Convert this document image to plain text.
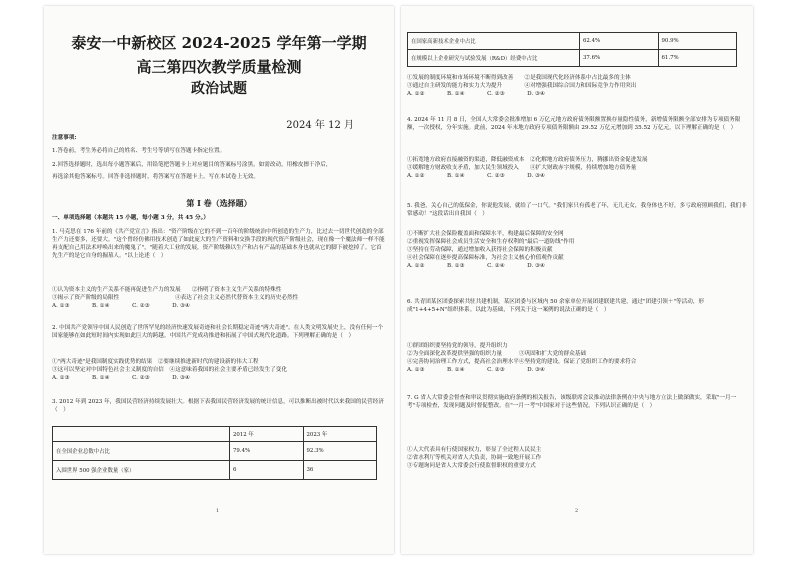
泰安一中新校区 2024-2025 学年第一学期
高三第四次教学质量检测
政治试题
2024 年 12 月
注意事项:
1.答卷前，考生务必将自己的姓名、考生号等填写在答题卡指定位置。
2.回答选择题时，选出每小题答案后，用铅笔把答题卡上对应题目的答案标号涂黑。如需改动，用橡皮擦干净后，
再选涂其他答案标号。回答非选择题时，将答案写在答题卡上。写在本试卷上无效。
第 I 卷（选择题）
一、单项选择题（本题共 15 小题，每小题 3 分，共 45 分。）
1. 马克思在 176 年前的《共产党宣言》指出："资产阶级在它的不到一百年的阶级统治中所创造的生产力，比过去一切世代创造的全部生产力还要多，还要大。"这个曾经仿佛用技术创造了如此庞大的生产资料和交换手段的现代资产阶级社会，现在像一个魔法师一样不能再支配自己用法术呼唤出来的魔鬼了"，"随着大工业的发展，资产阶级赖以生产和占有产品的基础本身也就从它的脚下被挖掉了。它首先生产的是它自身的掘墓人。"以上论述（　）
①认为资本主义的生产关系不能再促进生产力的发展　　②指明了资本主义生产关系的特殊性
③揭示了资产阶级的局限性　　　　　　　　　　④表达了社会主义必然代替资本主义的历史必然性
A. ①③　　　　B. ①④　　　　C. ②③　　　　D. ③④
2. 中国共产党领导中国人民创造了世所罕见的经济快速发展奇迹和社会长期稳定奇迹"两大奇迹"。在人类文明发展史上，没有任何一个国家能够在如此短时间内实现如此巨大的跨越。中国共产党成功推进和拓展了中国式现代化道路。下列理解正确的是（　）
①"两大奇迹"是我国制度实践优势的结果　②要继续推进新时代的建设新的伟大工程
③这可以坚定对中国特色社会主义制度的自信　④这意味着我国的社会主要矛盾已经发生了变化
A. ①③　　　　B. ①④　　　　C. ②③　　　　D. ③④
3. 2012 年到 2023 年，我国民营经济持续发展壮大。根据下表我国民营经济发展的统计信息，可以推断出被时代以来我国的民营经济（　）
	2012 年	2023 年
在全国企业总数中占比	79.4%	92.3%
入围世界 500 强企业数量（家）	6	36
1
在国家高新技术企业中占比	62.4%	90.9%
在规模以上企业研究与试验发展（R&D）经费中占比	37.6%	61.7%
①发展的制度环境和市场环境不断得到改善　　②是我国现代化经济体系中占比最多的主体
③通过自主研发的能力和实力大为提升　　　　④对增强我国综合国力和国际竞争力作用突出
A. ①②　　　　B. ①④　　　　C. ②③　　　　D. ③④
4. 2024 年 11 月 8 日，全国人大常委会批准增加 6 万亿元地方政府债务限额置换存量隐性债务，新增债务限额全部安排为专项债务限额，一次授权，分年实施。此前，2024 年末地方政府专项债务限额由 29.52 万亿元增加到 35.52 万亿元，以下理解正确的是（　）
①拓宽地方政府直接融资的渠道，降低融资成本　②化解地方政府债务压力，腾挪出资金促进发展
③缓解地方财政收支矛盾，加大民生领域投入　　④扩大财政赤字规模，持续增加地方债务量
A. ①②　　　　B. ①④　　　　C. ②③　　　　D. ③④
5. 我爸，关心自己的低保金，你说他发展，就给了一口气。"我们家只有孤老了年，无儿无女，我身体也不好，多亏政府照顾我们，我们非常感动！"这段话出自我国（　）
①不断扩大社会保险覆盖面和保障水平，构建最后保障的安全网
②重视发挥保障社会成员生活安全和生存权利的"最后一道防线"作用
③坚持在劳动保障，通过增加收入获得社会保障的积极贡献
④社会保障在逐步提高保障标准，为社会主义核心价值观作贡献
A. ①②　　　　B. ①③　　　　C. ②④　　　　D. ③④
6. 共青团某区团委探索共驻共建机制，某区团委与区域内 50 余家单位开展团建联建共建，通过"团建引领＋"等活动，形成"1+4+5+N"组织体系。以此为基础，下列关于这一案例的说法正确的是（　）
①群团组织要坚持党的领导，提升组织力
②为全面深化改革提供坚强的组织力量　　　③巩固和扩大党的群众基础
④完善协同治理工作方式，提高社会治理水平④坚持党的建设，保证了党组织工作的要求符合
A. ①③　　　　B. ①④　　　　C. ②③　　　　D. ③④
7. G 省人大常委会督查和审议贯彻实施政府条例的相关报告，该级联席会议推动法律条例在中央与地方立法上做深做实，采取"一月一考"专项检查，发现问题及时督促整改。在"一月一考"中国家对于这些情况，下列认识正确的是（　）
①人大代表具有行使国家权力，彰显了全过程人民民主
②省水利厅等机关对省人大负责，协调一致地开展工作
③专题询问是省人大常委会行使监督职权的重要方式
2
